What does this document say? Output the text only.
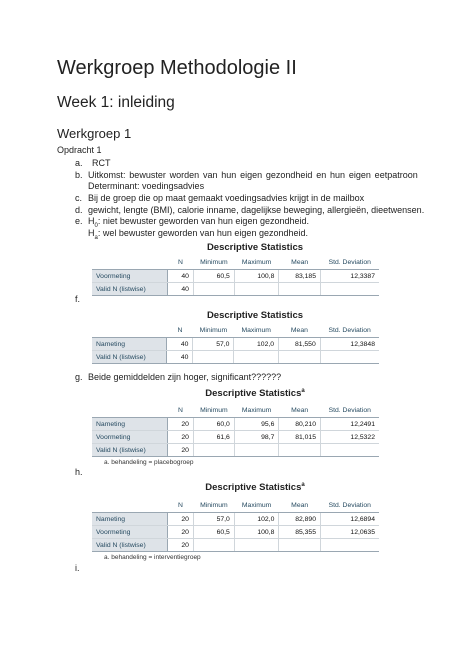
Werkgroep Methodologie II
Week 1: inleiding
Werkgroep 1
Opdracht 1
a. RCT
b. Uitkomst: bewuster worden van hun eigen gezondheid en hun eigen eetpatroon
Determinant: voedingsadvies
c. Bij de groep die op maat gemaakt voedingsadvies krijgt in de mailbox
d. gewicht, lengte (BMI), calorie inname, dagelijkse beweging, allergieën, dieetwensen.
e. $H_0$: niet bewuster geworden van hun eigen gezondheid.
$H_a$: wel bewuster geworden van hun eigen gezondheid.
Descriptive Statistics
	N	Minimum	Maximum	Mean	Std. Deviation
Voormeting	40	60,5	100,8	83,185	12,3387
Valid N (listwise)	40				
f.
Descriptive Statistics
	N	Minimum	Maximum	Mean	Std. Deviation
Nameting	40	57,0	102,0	81,550	12,3848
Valid N (listwise)	40				
g. Beide gemiddelden zijn hoger, significant??????
Descriptive Statistics$^a$
	N	Minimum	Maximum	Mean	Std. Deviation
Nameting	20	60,0	95,6	80,210	12,2491
Voormeting	20	61,6	98,7	81,015	12,5322
Valid N (listwise)	20				
a. behandeling = placebogroep
h.
Descriptive Statistics$^a$
	N	Minimum	Maximum	Mean	Std. Deviation
Nameting	20	57,0	102,0	82,890	12,6894
Voormeting	20	60,5	100,8	85,355	12,0635
Valid N (listwise)	20				
a. behandeling = interventiegroep
i.
